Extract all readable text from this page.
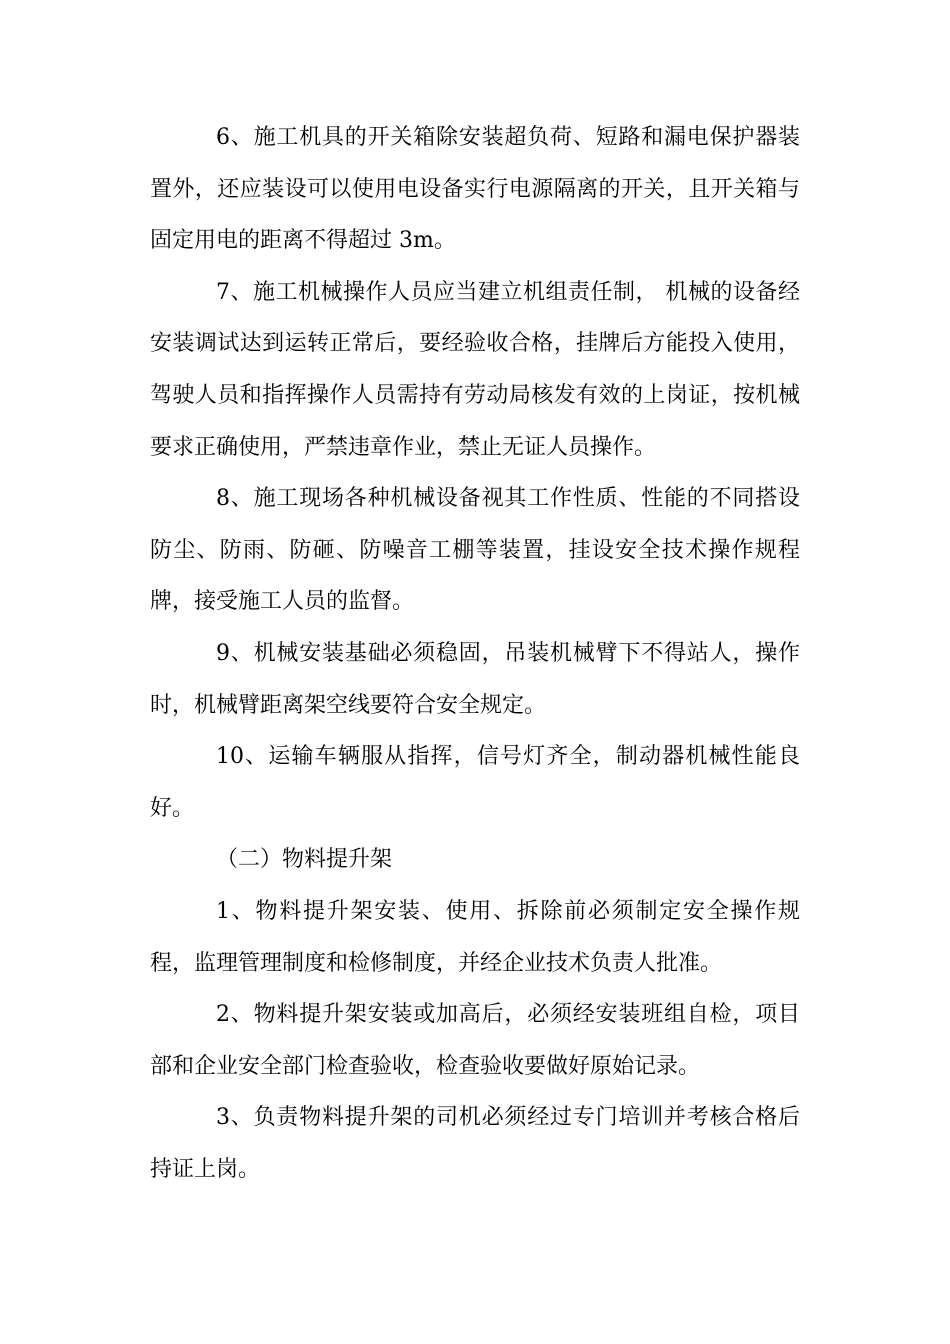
6、施工机具的开关箱除安装超负荷、短路和漏电保护器装置外，还应装设可以使用电设备实行电源隔离的开关，且开关箱与固定用电的距离不得超过 3m。

7、施工机械操作人员应当建立机组责任制， 机械的设备经安装调试达到运转正常后，要经验收合格，挂牌后方能投入使用，驾驶人员和指挥操作人员需持有劳动局核发有效的上岗证，按机械要求正确使用，严禁违章作业，禁止无证人员操作。

8、施工现场各种机械设备视其工作性质、性能的不同搭设防尘、防雨、防砸、防噪音工棚等装置，挂设安全技术操作规程牌，接受施工人员的监督。

9、机械安装基础必须稳固，吊装机械臂下不得站人，操作时，机械臂距离架空线要符合安全规定。

10、运输车辆服从指挥，信号灯齐全，制动器机械性能良好。

（二）物料提升架

1、物料提升架安装、使用、拆除前必须制定安全操作规程，监理管理制度和检修制度，并经企业技术负责人批准。

2、物料提升架安装或加高后，必须经安装班组自检，项目部和企业安全部门检查验收，检查验收要做好原始记录。

3、负责物料提升架的司机必须经过专门培训并考核合格后持证上岗。
